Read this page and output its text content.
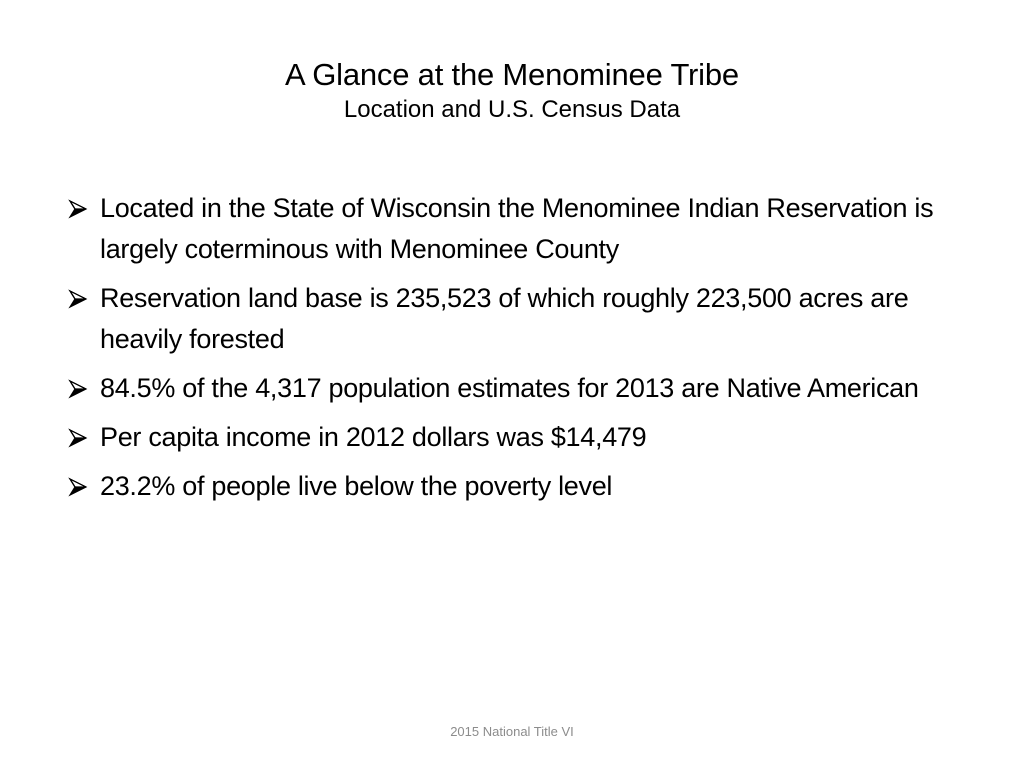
A Glance at the Menominee Tribe
Location and U.S. Census Data
Located in the State of Wisconsin the Menominee Indian Reservation is largely coterminous with Menominee County
Reservation land base is 235,523 of which roughly 223,500 acres are heavily forested
84.5% of the 4,317 population estimates for 2013 are Native American
Per capita income in 2012 dollars was $14,479
23.2% of people live below the poverty level
2015 National Title VI
